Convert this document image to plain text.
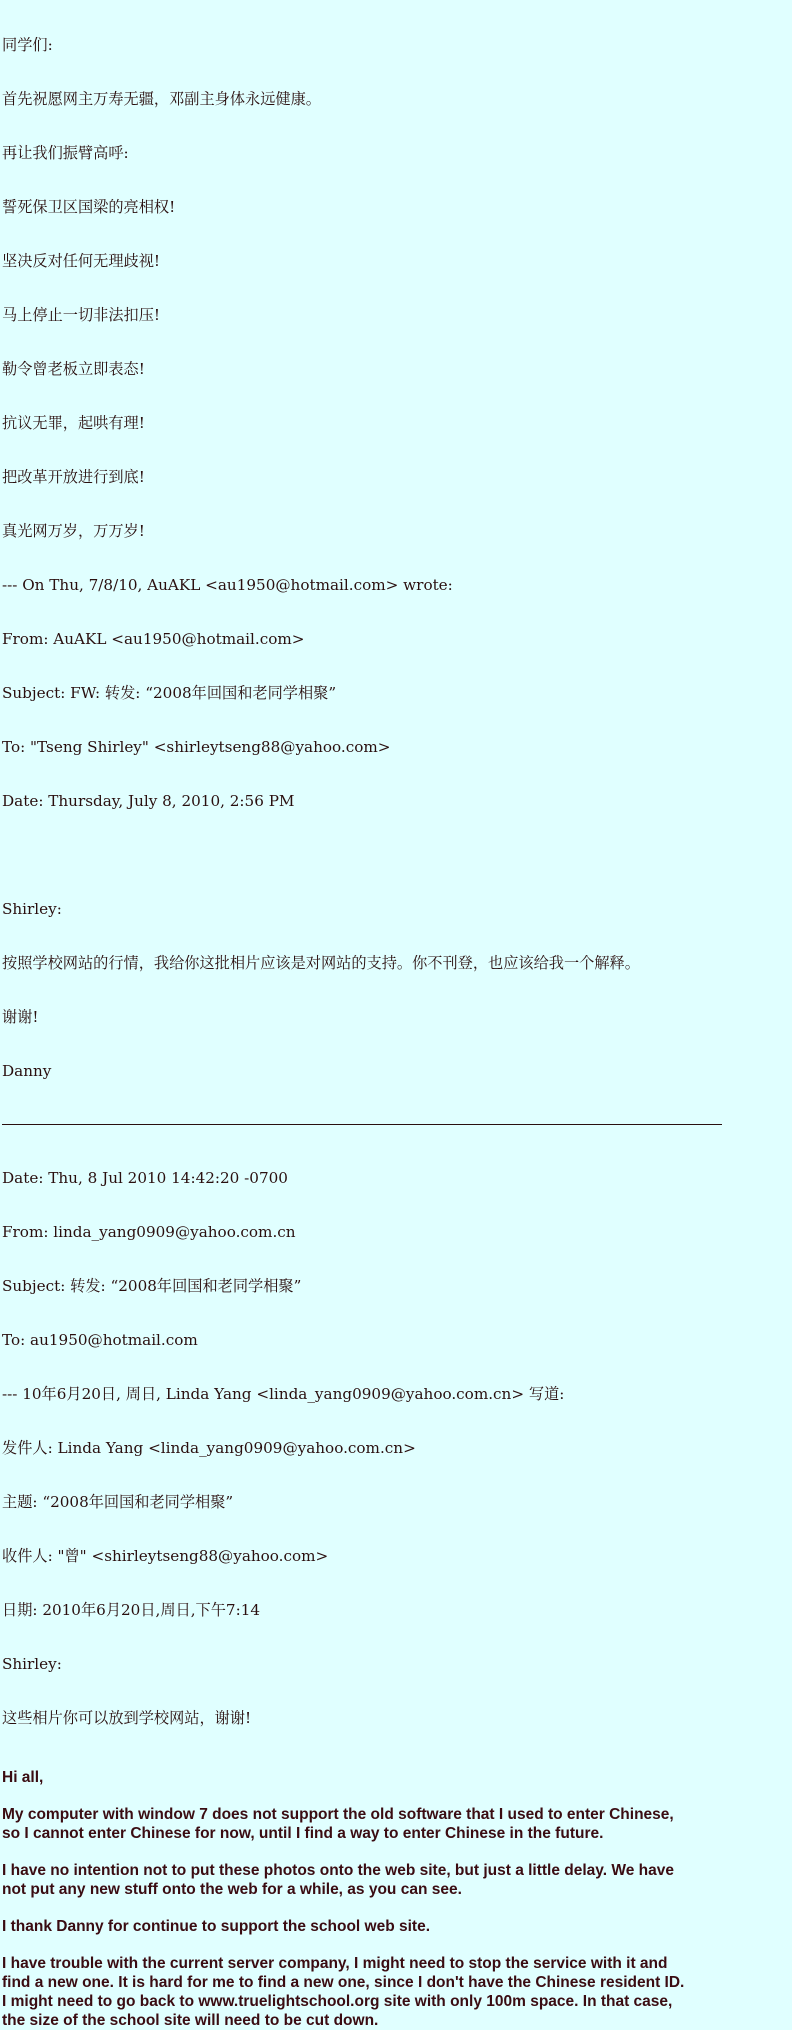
同学们:

首先祝愿网主万寿无疆，邓副主身体永远健康。

再让我们振臂高呼:

誓死保卫区国梁的亮相权!

坚决反对任何无理歧视!

马上停止一切非法扣压!

勒令曾老板立即表态!

抗议无罪，起哄有理!

把改革开放进行到底!

真光网万岁，万万岁!

--- On Thu, 7/8/10, AuAKL <au1950@hotmail.com> wrote:

From: AuAKL <au1950@hotmail.com>

Subject: FW: 转发: “2008年回国和老同学相聚”

To: "Tseng Shirley" <shirleytseng88@yahoo.com>

Date: Thursday, July 8, 2010, 2:56 PM

Shirley:

按照学校网站的行情，我给你这批相片应该是对网站的支持。你不刊登，也应该给我一个解释。

谢谢!

Danny

Date: Thu, 8 Jul 2010 14:42:20 -0700

From: linda_yang0909@yahoo.com.cn

Subject: 转发: “2008年回国和老同学相聚”

To: au1950@hotmail.com

--- 10年6月20日, 周日, Linda Yang <linda_yang0909@yahoo.com.cn> 写道:

发件人: Linda Yang <linda_yang0909@yahoo.com.cn>

主题: “2008年回国和老同学相聚”

收件人: "曾" <shirleytseng88@yahoo.com>

日期: 2010年6月20日,周日,下午7:14

Shirley:

这些相片你可以放到学校网站，谢谢!

Hi all,

My computer with window 7 does not support the old software that I used to enter Chinese,
so I cannot enter Chinese for now, until I find a way to enter Chinese in the future.

I have no intention not to put these photos onto the web site, but just a little delay. We have
not put any new stuff onto the web for a while, as you can see.

I thank Danny for continue to support the school web site.

I have trouble with the current server company, I might need to stop the service with it and
find a new one. It is hard for me to find a new one, since I don't have the Chinese resident ID.
I might need to go back to www.truelightschool.org site with only 100m space. In that case,
the size of the school site will need to be cut down.
